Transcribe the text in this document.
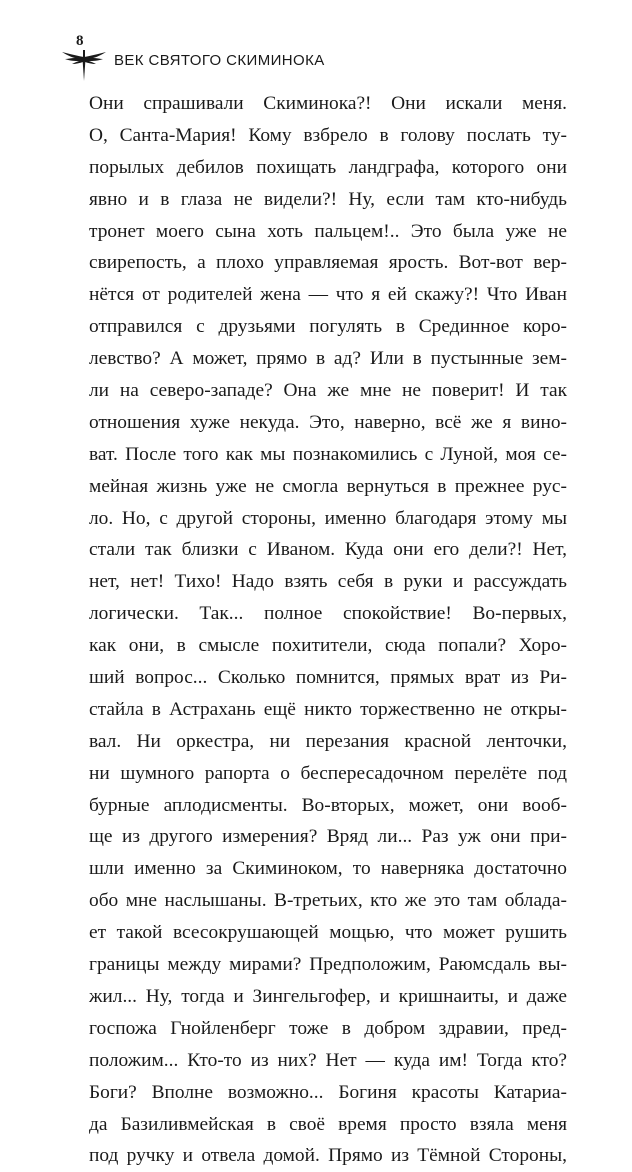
8
ВЕК СВЯТОГО СКИМИНОКА
Они спрашивали Скиминока?! Они искали меня.
О, Санта-Мария! Кому взбрело в голову послать ту-
порылых дебилов похищать ландграфа, которого они
явно и в глаза не видели?! Ну, если там кто-нибудь
тронет моего сына хоть пальцем!.. Это была уже не
свирепость, а плохо управляемая ярость. Вот-вот вер-
нётся от родителей жена — что я ей скажу?! Что Иван
отправился с друзьями погулять в Срединное коро-
левство? А может, прямо в ад? Или в пустынные зем-
ли на северо-западе? Она же мне не поверит! И так
отношения хуже некуда. Это, наверно, всё же я вино-
ват. После того как мы познакомились с Луной, моя се-
мейная жизнь уже не смогла вернуться в прежнее рус-
ло. Но, с другой стороны, именно благодаря этому мы
стали так близки с Иваном. Куда они его дели?! Нет,
нет, нет! Тихо! Надо взять себя в руки и рассуждать
логически. Так... полное спокойствие! Во-первых,
как они, в смысле похитители, сюда попали? Хоро-
ший вопрос... Сколько помнится, прямых врат из Ри-
стайла в Астрахань ещё никто торжественно не откры-
вал. Ни оркестра, ни перезания красной ленточки,
ни шумного рапорта о беспересадочном перелёте под
бурные аплодисменты. Во-вторых, может, они вооб-
ще из другого измерения? Вряд ли... Раз уж они при-
шли именно за Скиминоком, то наверняка достаточно
обо мне наслышаны. В-третьих, кто же это там облада-
ет такой всесокрушающей мощью, что может рушить
границы между мирами? Предположим, Раюмсдаль вы-
жил... Ну, тогда и Зингельгофер, и кришнаиты, и даже
госпожа Гнойленберг тоже в добром здравии, пред-
положим... Кто-то из них? Нет — куда им! Тогда кто?
Боги? Вполне возможно... Богиня красоты Катариа-
да Базиливмейская в своё время просто взяла меня
под ручку и отвела домой. Прямо из Тёмной Стороны,
